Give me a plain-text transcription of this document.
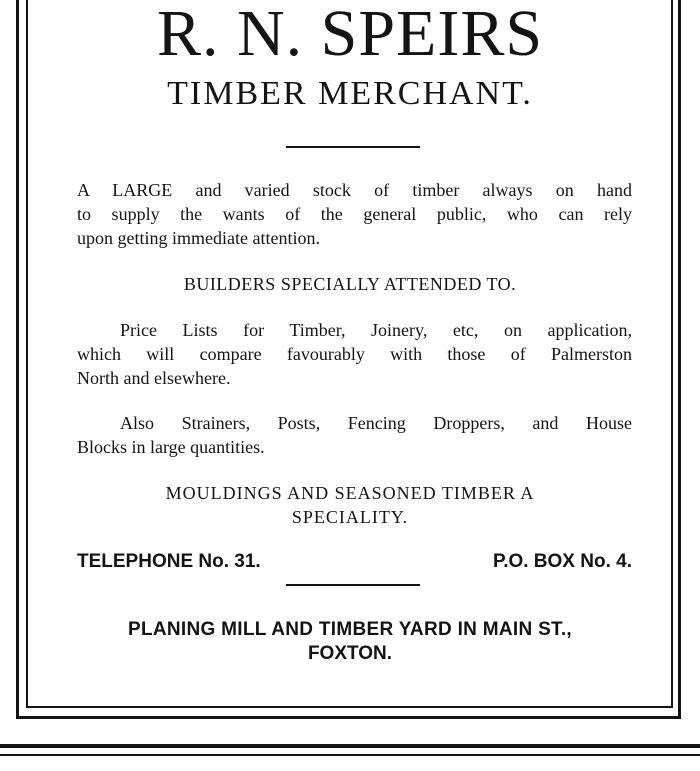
R. N. SPEIRS
TIMBER MERCHANT.
A LARGE and varied stock of timber always on hand
to supply the wants of the general public, who can rely
upon getting immediate attention.
BUILDERS SPECIALLY ATTENDED TO.
Price Lists for Timber, Joinery, etc, on application,
which will compare favourably with those of Palmerston
North and elsewhere.
Also Strainers, Posts, Fencing Droppers, and House
Blocks in large quantities.
MOULDINGS AND SEASONED TIMBER A
SPECIALITY.
TELEPHONE No. 31.	P.O. BOX No. 4.
PLANING MILL AND TIMBER YARD IN MAIN ST.,
FOXTON.
